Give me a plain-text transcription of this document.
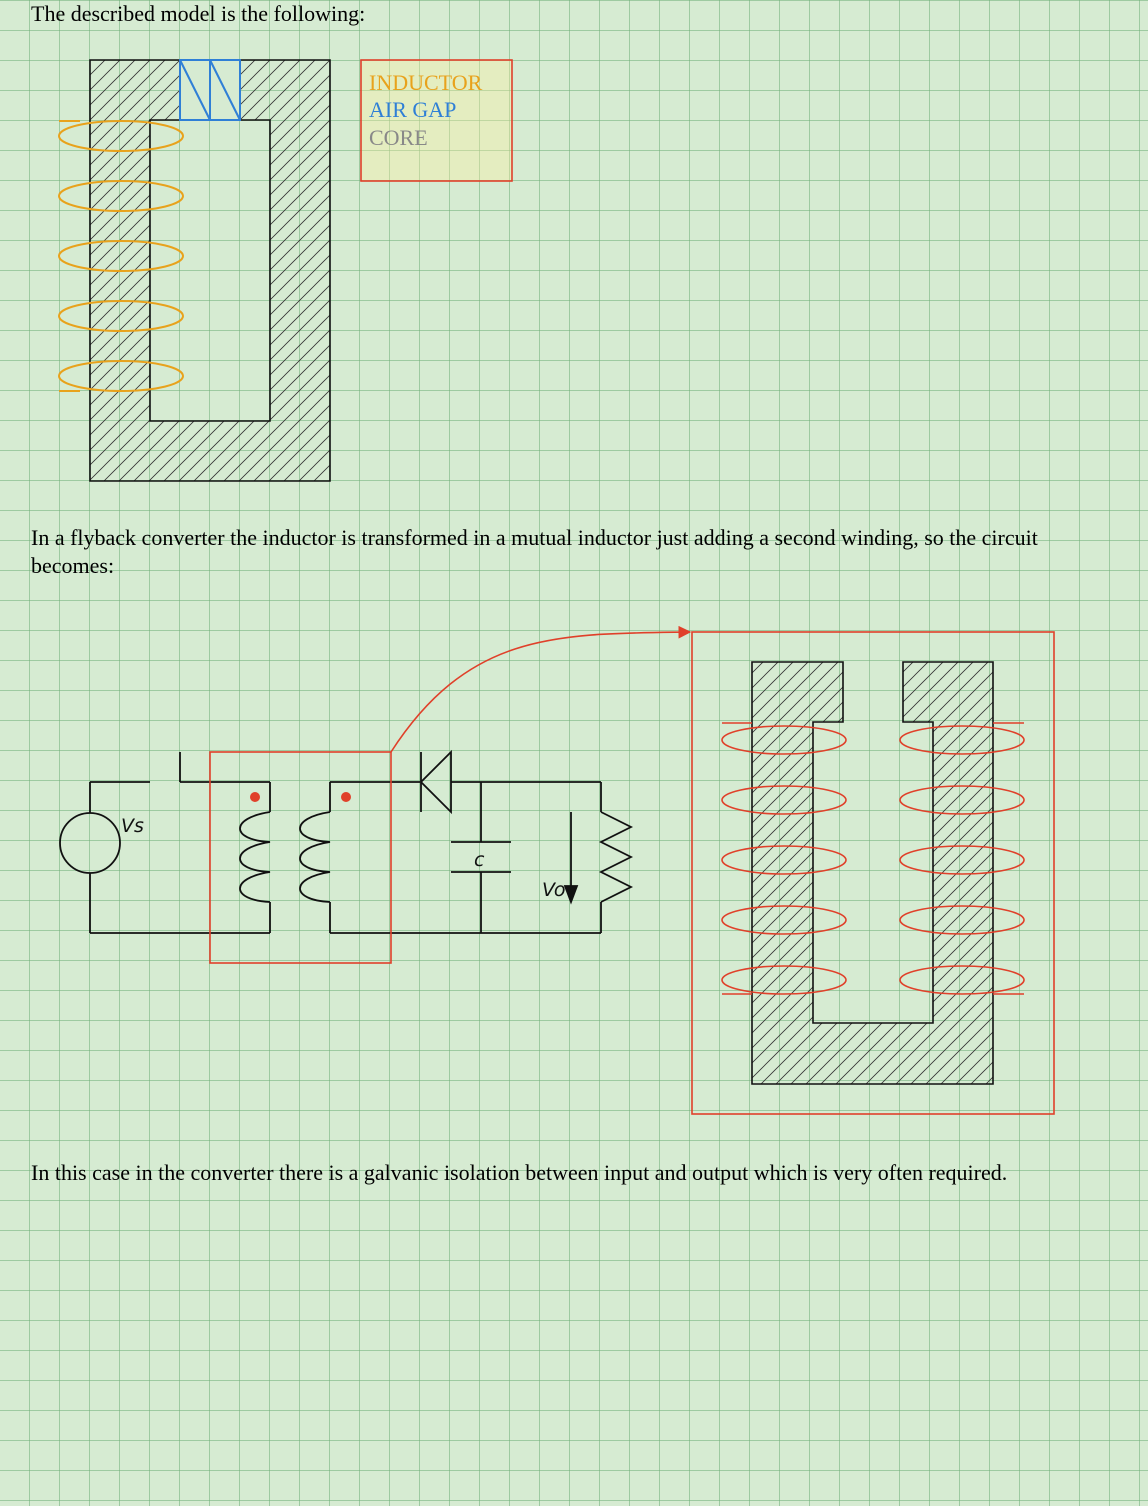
The described model is the following:

In a flyback converter the inductor is transformed in a mutual inductor just adding a second winding, so the circuit becomes:

In this case in the converter there is a galvanic isolation between input and output which is very often required.

INDUCTOR
AIR GAP
CORE
Vs
c
Vo
